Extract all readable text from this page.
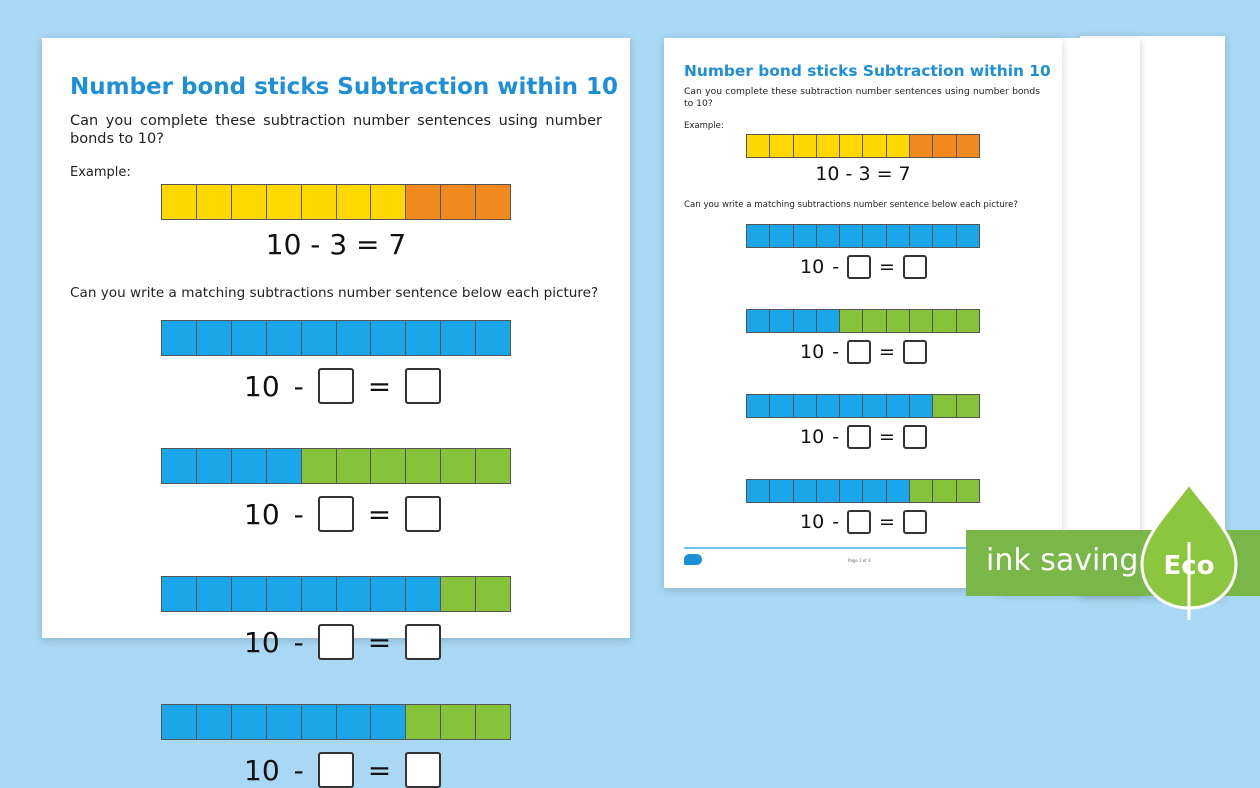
Number bond sticks Subtraction within 10
Can you complete these subtraction number sentences using number bonds to 10?
Example:
10 - 3 = 7
Can you write a matching subtractions number sentence below each picture?
10 - =
10 - =
10 - =
10 - =
Number bond sticks Subtraction within 10
Can you complete these subtraction number sentences using number bonds to 10?
Example:
10 - 3 = 7
Can you write a matching subtractions number sentence below each picture?
Page 1 of 3
10 - =
10 - =
10 - =
10 - =
ink saving Eco
